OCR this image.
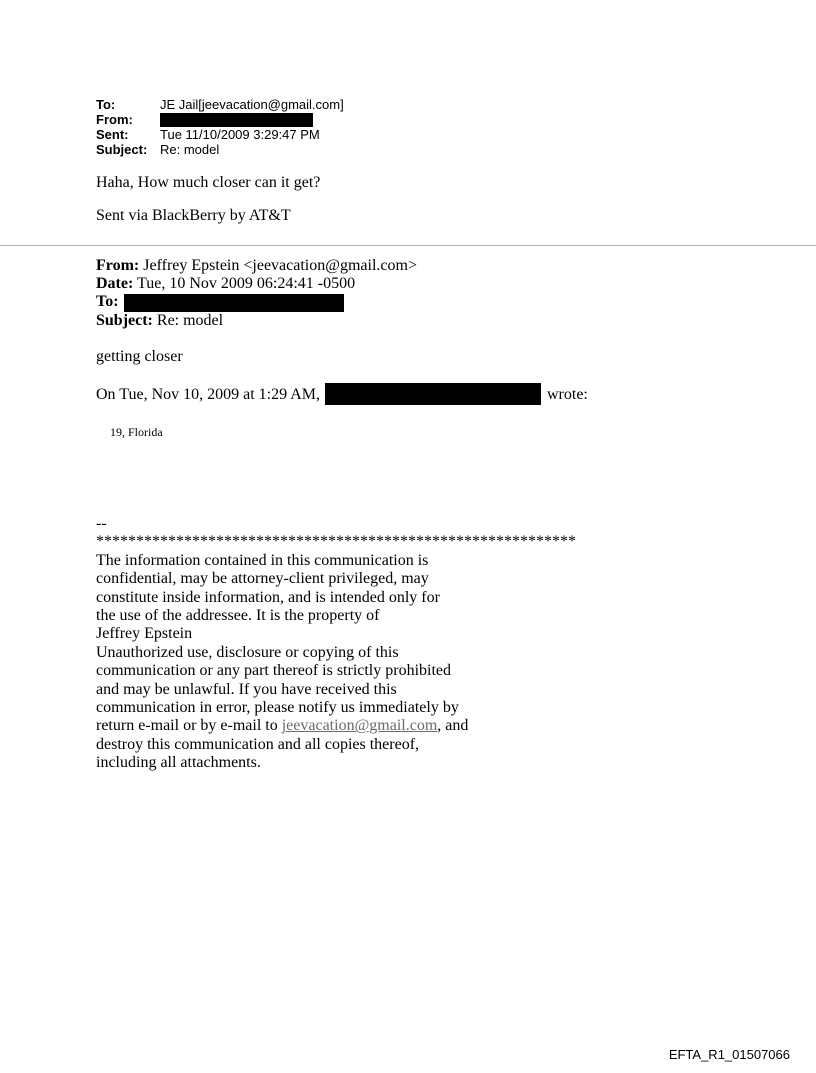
To:	JE Jail[jeevacation@gmail.com]
From:
Sent: Tue 11/10/2009 3:29:47 PM
Subject: Re: model
Haha, How much closer can it get?
Sent via BlackBerry by AT&T
From: Jeffrey Epstein <jeevacation@gmail.com>
Date: Tue, 10 Nov 2009 06:24:41 -0500
To:
Subject: Re: model
getting closer
On Tue, Nov 10, 2009 at 1:29 AM,	wrote:
19, Florida
--
************************************************************
The information contained in this communication is
confidential, may be attorney-client privileged, may
constitute inside information, and is intended only for
the use of the addressee. It is the property of
Jeffrey Epstein
Unauthorized use, disclosure or copying of this
communication or any part thereof is strictly prohibited
and may be unlawful. If you have received this
communication in error, please notify us immediately by
return e-mail or by e-mail to jeevacation@gmail.com, and
destroy this communication and all copies thereof,
including all attachments.
EFTA_R1_01507066
